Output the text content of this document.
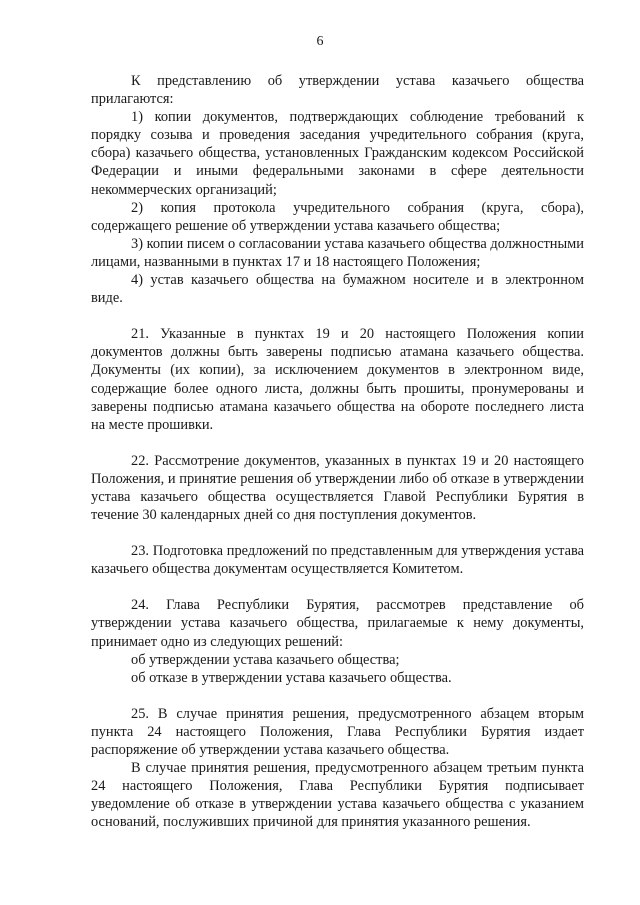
6

К представлению об утверждении устава казачьего общества прилагаются:

1) копии документов, подтверждающих соблюдение требований к порядку созыва и проведения заседания учредительного собрания (круга, сбора) казачьего общества, установленных Гражданским кодексом Российской Федерации и иными федеральными законами в сфере деятельности некоммерческих организаций;

2) копия протокола учредительного собрания (круга, сбора), содержащего решение об утверждении устава казачьего общества;

3) копии писем о согласовании устава казачьего общества должностными лицами, названными в пунктах 17 и 18 настоящего Положения;

4) устав казачьего общества на бумажном носителе и в электронном виде.

21. Указанные в пунктах 19 и 20 настоящего Положения копии документов должны быть заверены подписью атамана казачьего общества. Документы (их копии), за исключением документов в электронном виде, содержащие более одного листа, должны быть прошиты, пронумерованы и заверены подписью атамана казачьего общества на обороте последнего листа на месте прошивки.

22. Рассмотрение документов, указанных в пунктах 19 и 20 настоящего Положения, и принятие решения об утверждении либо об отказе в утверждении устава казачьего общества осуществляется Главой Республики Бурятия в течение 30 календарных дней со дня поступления документов.

23. Подготовка предложений по представленным для утверждения устава казачьего общества документам осуществляется Комитетом.

24. Глава Республики Бурятия, рассмотрев представление об утверждении устава казачьего общества, прилагаемые к нему документы, принимает одно из следующих решений:

об утверждении устава казачьего общества;

об отказе в утверждении устава казачьего общества.

25. В случае принятия решения, предусмотренного абзацем вторым пункта 24 настоящего Положения, Глава Республики Бурятия издает распоряжение об утверждении устава казачьего общества.

В случае принятия решения, предусмотренного абзацем третьим пункта 24 настоящего Положения, Глава Республики Бурятия подписывает уведомление об отказе в утверждении устава казачьего общества с указанием оснований, послуживших причиной для принятия указанного решения.
